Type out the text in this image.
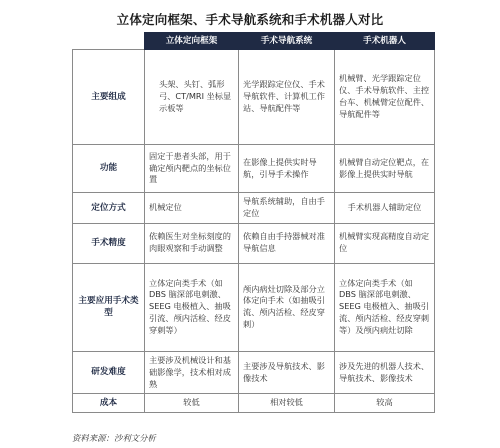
立体定向框架、手术导航系统和手术机器人对比
	立体定向框架	手术导航系统	手术机器人
主要组成	头架、头钉、弧形弓、CT/MRI 坐标显示板等	光学跟踪定位仪、手术导航软件、计算机工作站、导航配件等	机械臂、光学跟踪定位仪、手术导航软件、主控台车、机械臂定位配件、导航配件等
功能	固定于患者头部，用于确定颅内靶点的坐标位置	在影像上提供实时导航，引导手术操作	机械臂自动定位靶点，在影像上提供实时导航
定位方式	机械定位	导航系统辅助，自由手定位	手术机器人辅助定位
手术精度	依赖医生对坐标刻度的肉眼观察和手动调整	依赖自由手持器械对准导航信息	机械臂实现高精度自动定位
主要应用手术类型	立体定向类手术（如 DBS 脑深部电刺激、SEEG 电极植入、抽吸引流、颅内活检、经皮穿刺等）	颅内病灶切除及部分立体定向手术（如抽吸引流、颅内活检、经皮穿刺）	立体定向类手术（如 DBS 脑深部电刺激、SEEG 电极植入、抽吸引流、颅内活检、经皮穿刺等）及颅内病灶切除
研发难度	主要涉及机械设计和基础影像学，技术相对成熟	主要涉及导航技术、影像技术	涉及先进的机器人技术、导航技术、影像技术
成本	较低	相对较低	较高
资料来源：沙利文分析
